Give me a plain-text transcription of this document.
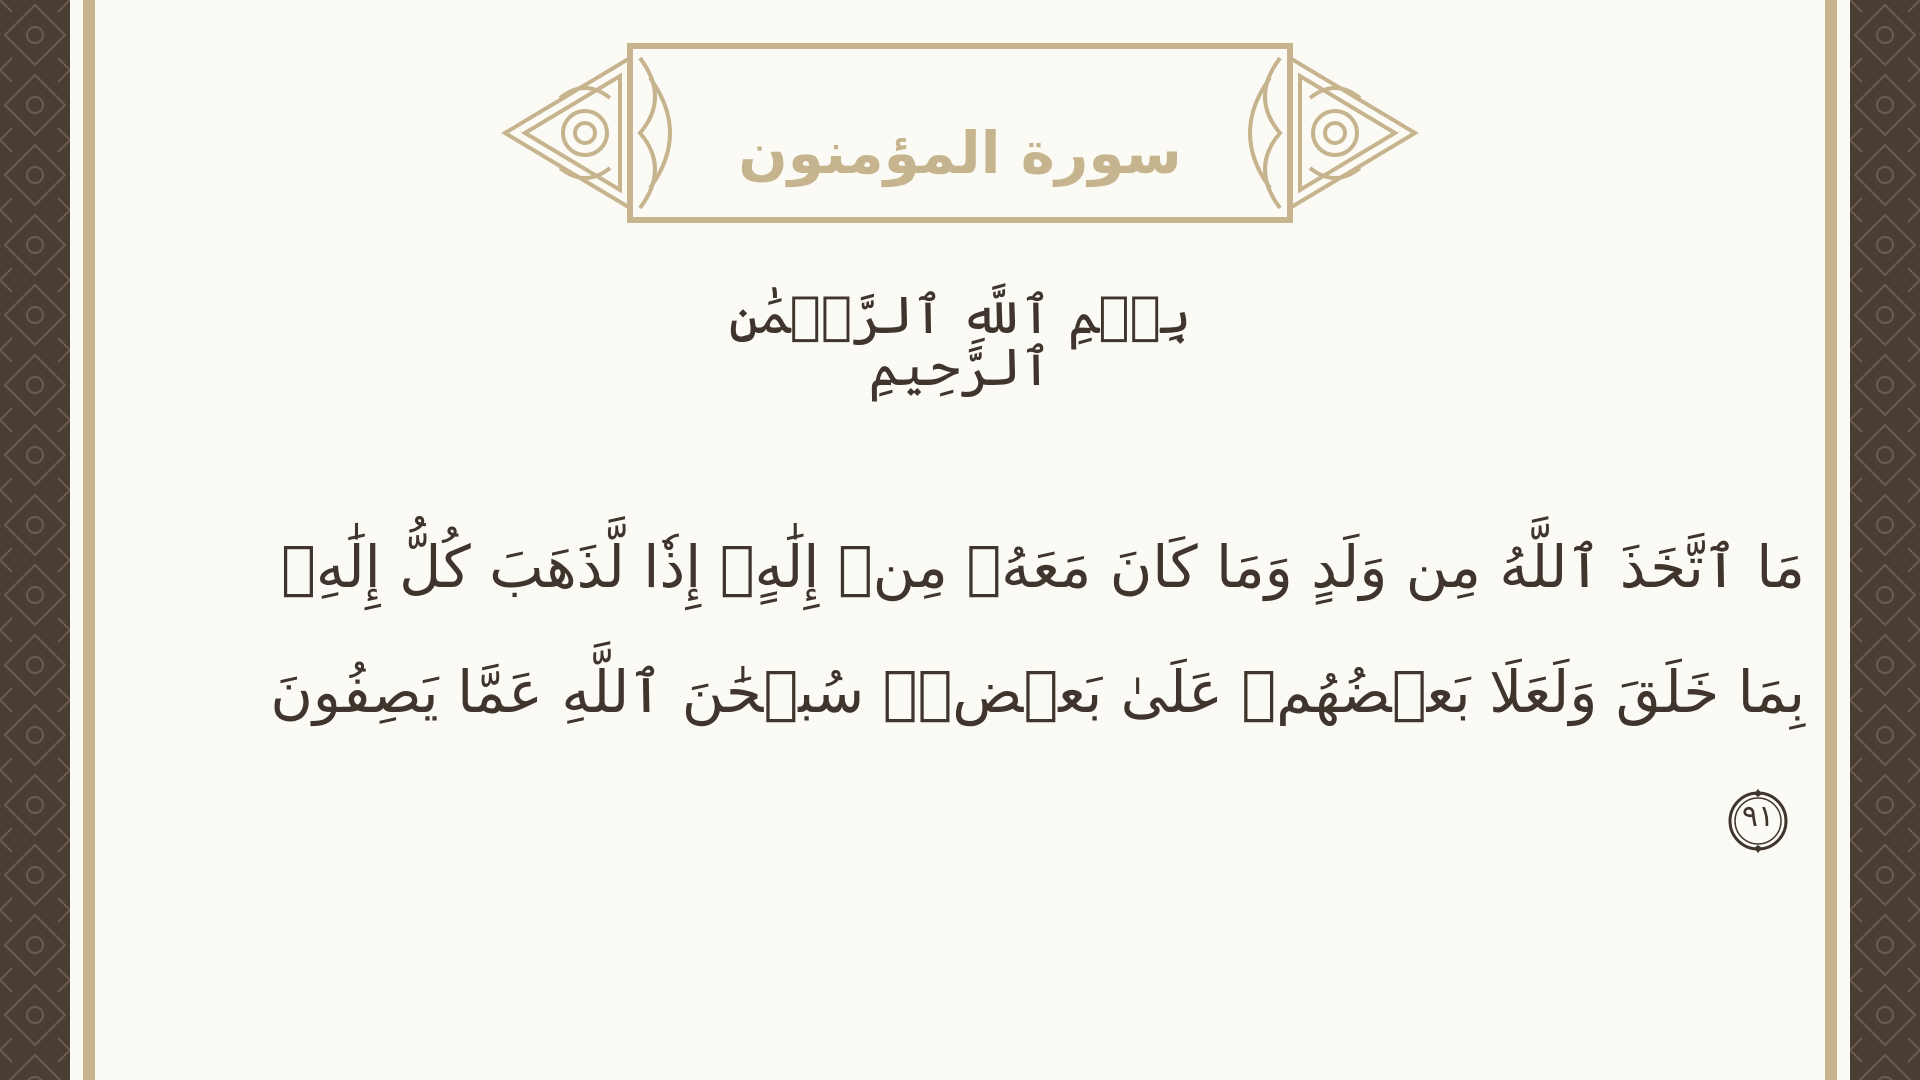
سورة المؤمنون
بِسۡمِ ٱللَّهِ ٱلرَّحۡمَٰنِ ٱلرَّحِيمِ
مَا ٱتَّخَذَ ٱللَّهُ مِن وَلَدٍ وَمَا كَانَ مَعَهُۥ مِنۡ إِلَٰهٍۚ إِذٗا لَّذَهَبَ كُلُّ إِلَٰهِۭ بِمَا خَلَقَ وَلَعَلَا بَعۡضُهُمۡ عَلَىٰ بَعۡضٖۚ سُبۡحَٰنَ ٱللَّهِ عَمَّا يَصِفُونَ
٩١
